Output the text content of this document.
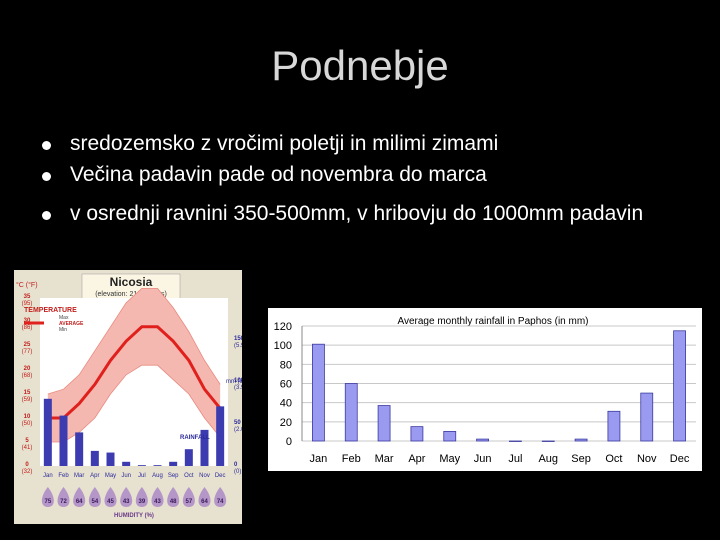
Podnebje
sredozemsko z vročimi poletji in milimi zimami
Večina padavin pade od novembra do marca
v osrednji ravnini 350-500mm, v hribovju do 1000mm padavin
Nicosia
(elevation: 210 metres)
°C (°F)
35
(95)
30
(86)
25
(77)
20
(68)
15
(59)
10
(50)
5
(41)
0
(32)
15
(5.
10
(3.
50
(2.
0
(0)
Jan Feb Mar Apr May Jun Jul Aug Sep Oct Nov Dec
75 72 64 54 45 43 39 43 48 57 64 74
TEMPERATURE
Max
AVERAGE
Min
mm (i
RAINFALL
HUMIDITY (%)
Average monthly rainfall in Paphos (in mm)
0
20
40
60
80
100
120
Jan Feb Mar Apr May Jun Jul Aug Sep Oct Nov Dec
